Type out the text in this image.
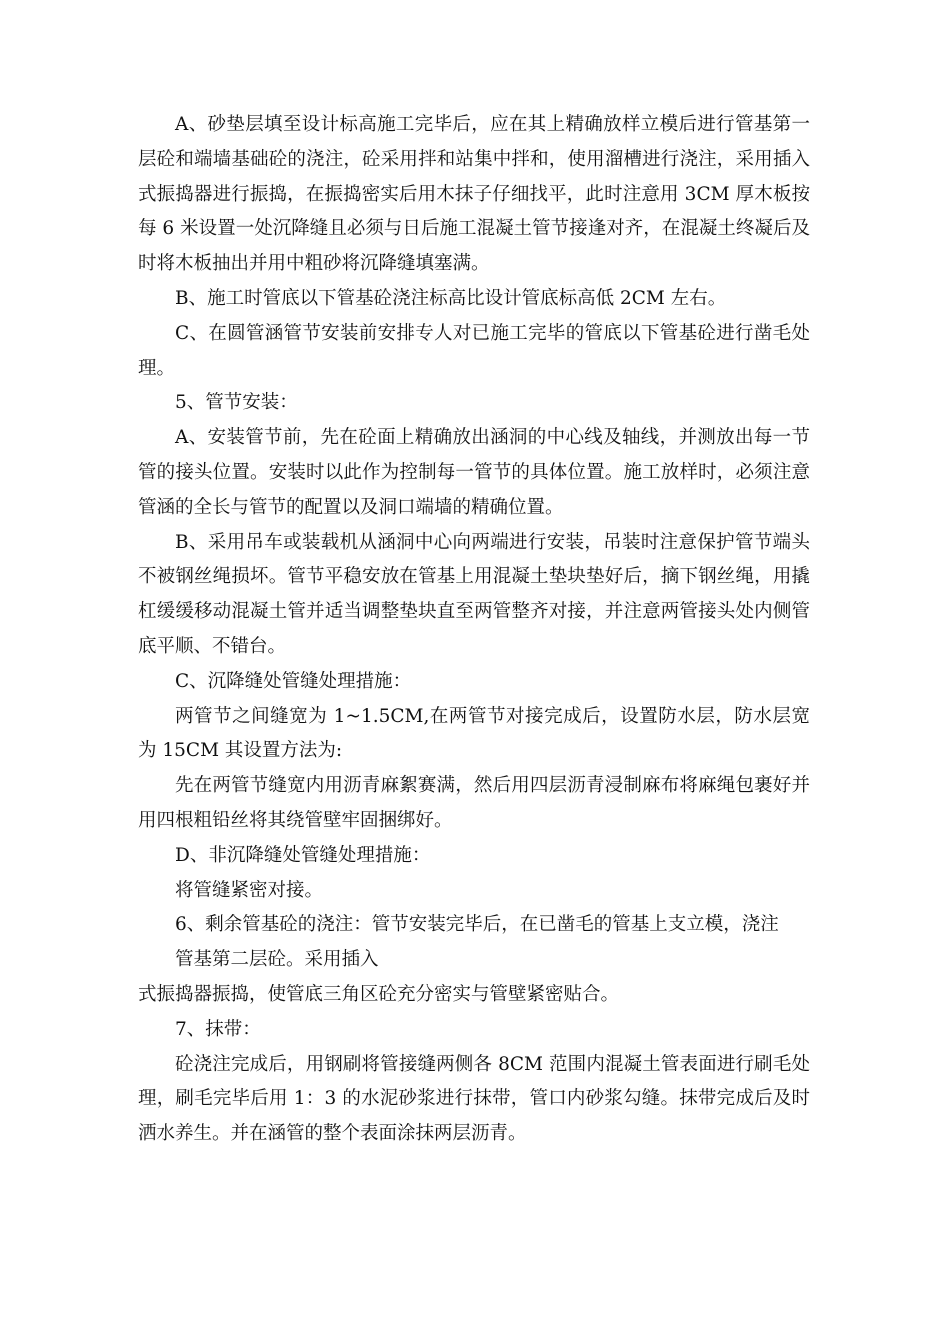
A、砂垫层填至设计标高施工完毕后，应在其上精确放样立模后进行管基第一层砼和端墙基础砼的浇注，砼采用拌和站集中拌和，使用溜槽进行浇注，采用插入式振捣器进行振捣，在振捣密实后用木抹子仔细找平，此时注意用 3CM 厚木板按每 6 米设置一处沉降缝且必须与日后施工混凝土管节接逢对齐，在混凝土终凝后及时将木板抽出并用中粗砂将沉降缝填塞满。

B、施工时管底以下管基砼浇注标高比设计管底标高低 2CM 左右。

C、在圆管涵管节安装前安排专人对已施工完毕的管底以下管基砼进行凿毛处理。

5、管节安装：

A、安装管节前，先在砼面上精确放出涵洞的中心线及轴线，并测放出每一节管的接头位置。安装时以此作为控制每一管节的具体位置。施工放样时，必须注意管涵的全长与管节的配置以及洞口端墙的精确位置。

B、采用吊车或装载机从涵洞中心向两端进行安装，吊装时注意保护管节端头不被钢丝绳损坏。管节平稳安放在管基上用混凝土垫块垫好后，摘下钢丝绳，用撬杠缓缓移动混凝土管并适当调整垫块直至两管整齐对接，并注意两管接头处内侧管底平顺、不错台。

C、沉降缝处管缝处理措施：

两管节之间缝宽为 1~1.5CM,在两管节对接完成后，设置防水层，防水层宽为 15CM 其设置方法为:

先在两管节缝宽内用沥青麻絮赛满，然后用四层沥青浸制麻布将麻绳包裹好并用四根粗铅丝将其绕管壁牢固捆绑好。

D、非沉降缝处管缝处理措施：

将管缝紧密对接。

6、剩余管基砼的浇注：管节安装完毕后，在已凿毛的管基上支立模，浇注

管基第二层砼。采用插入

式振捣器振捣，使管底三角区砼充分密实与管壁紧密贴合。

7、抹带：

砼浇注完成后，用钢刷将管接缝两侧各 8CM 范围内混凝土管表面进行刷毛处理，刷毛完毕后用 1：3 的水泥砂浆进行抹带，管口内砂浆勾缝。抹带完成后及时洒水养生。并在涵管的整个表面涂抹两层沥青。
